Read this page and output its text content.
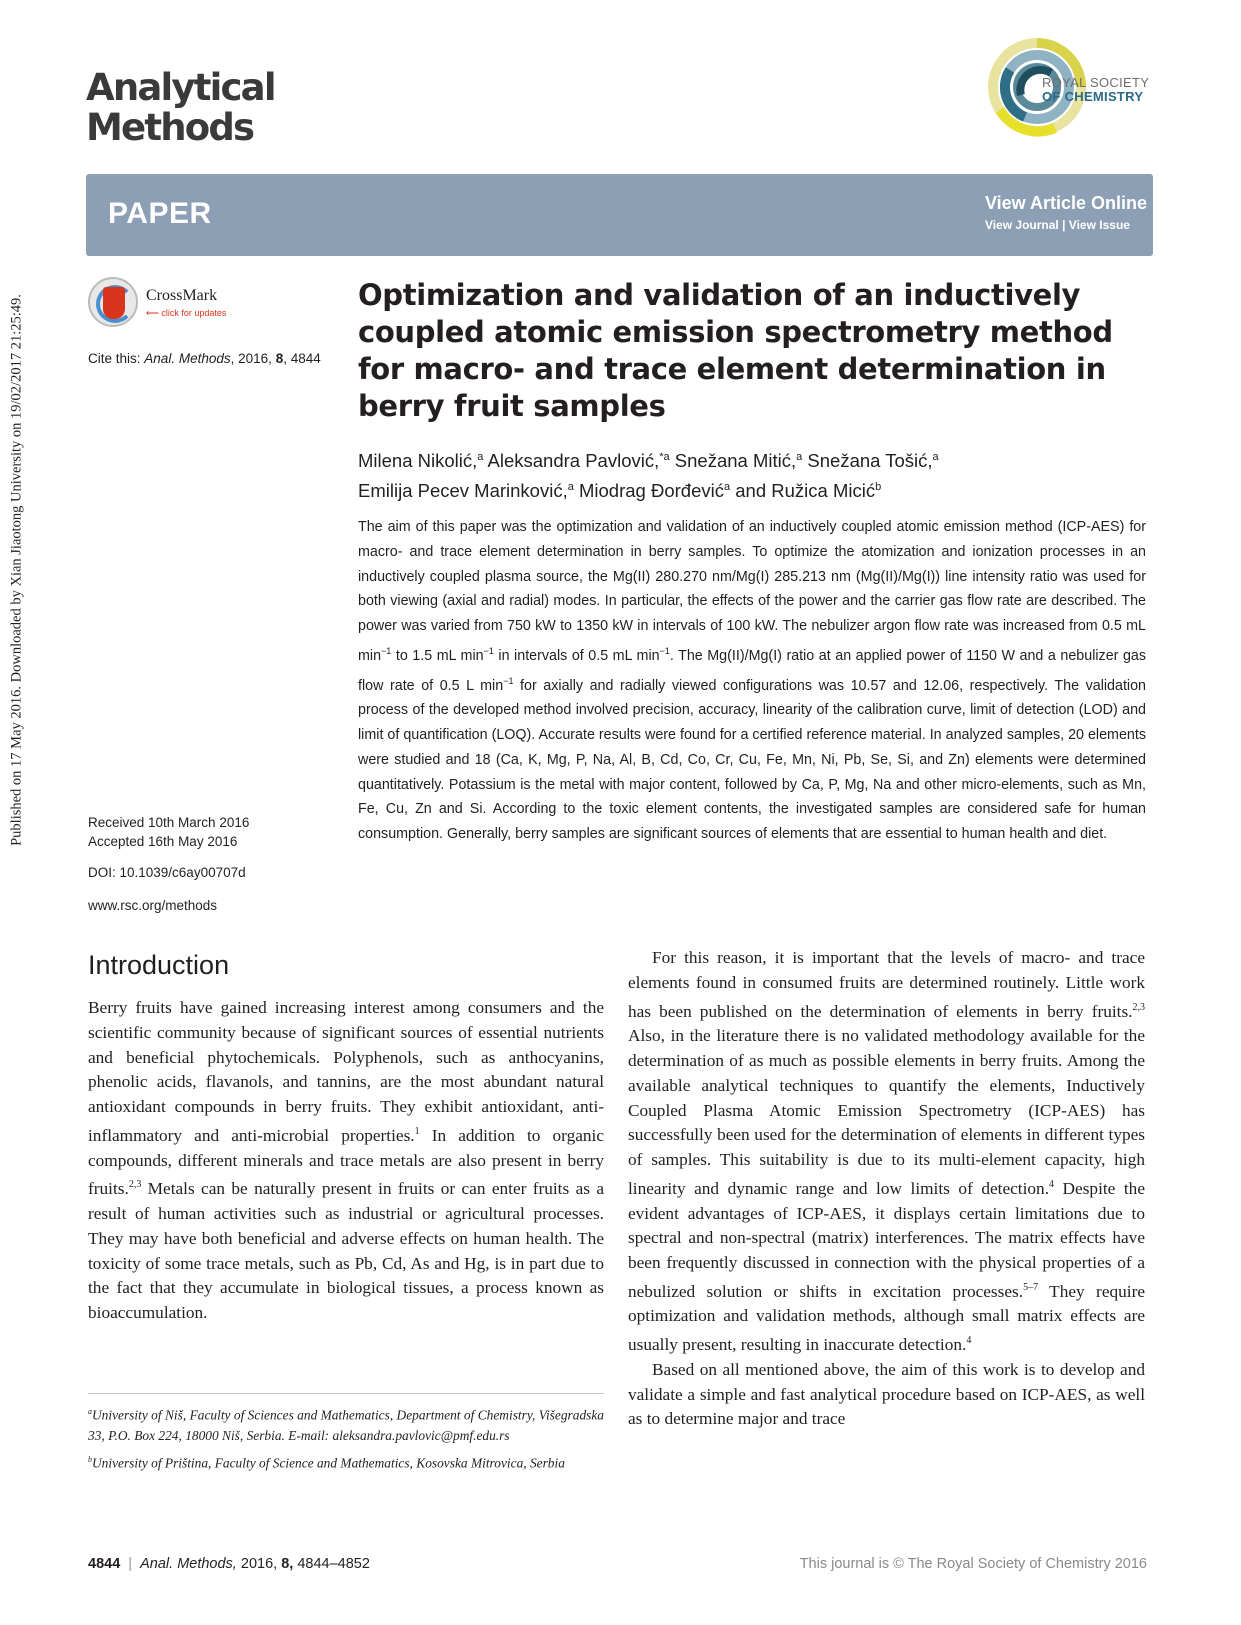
Published on 17 May 2016. Downloaded by Xian Jiaotong University on 19/02/2017 21:25:49.
Analytical
Methods
ROYAL SOCIETY
OF CHEMISTRY
PAPER	View Article Online
View Journal | View Issue
CrossMark
⟵ click for updates
Cite this: Anal. Methods, 2016, 8, 4844
Optimization and validation of an inductively coupled atomic emission spectrometry method for macro- and trace element determination in berry fruit samples
Milena Nikolić,$^a$ Aleksandra Pavlović,$^{*a}$ Snežana Mitić,$^a$ Snežana Tošić,$^a$
Emilija Pecev Marinković,$^a$ Miodrag Đorđević$^a$ and Ružica Micić$^b$
The aim of this paper was the optimization and validation of an inductively coupled atomic emission method (ICP-AES) for macro- and trace element determination in berry samples. To optimize the atomization and ionization processes in an inductively coupled plasma source, the Mg(II) 280.270 nm/Mg(I) 285.213 nm (Mg(II)/Mg(I)) line intensity ratio was used for both viewing (axial and radial) modes. In particular, the effects of the power and the carrier gas flow rate are described. The power was varied from 750 kW to 1350 kW in intervals of 100 kW. The nebulizer argon flow rate was increased from 0.5 mL $\min^{-1}$ to 1.5 mL $\min^{-1}$ in intervals of 0.5 mL $\min^{-1}$. The Mg(II)/Mg(I) ratio at an applied power of 1150 W and a nebulizer gas flow rate of 0.5 L $\min^{-1}$ for axially and radially viewed configurations was 10.57 and 12.06, respectively. The validation process of the developed method involved precision, accuracy, linearity of the calibration curve, limit of detection (LOD) and limit of quantification (LOQ). Accurate results were found for a certified reference material. In analyzed samples, 20 elements were studied and 18 (Ca, K, Mg, P, Na, Al, B, Cd, Co, Cr, Cu, Fe, Mn, Ni, Pb, Se, Si, and Zn) elements were determined quantitatively. Potassium is the metal with major content, followed by Ca, P, Mg, Na and other micro-elements, such as Mn, Fe, Cu, Zn and Si. According to the toxic element contents, the investigated samples are considered safe for human consumption. Generally, berry samples are significant sources of elements that are essential to human health and diet.
Received 10th March 2016
Accepted 16th May 2016
DOI: 10.1039/c6ay00707d
www.rsc.org/methods
Introduction

Berry fruits have gained increasing interest among consumers and the scientific community because of significant sources of essential nutrients and beneficial phytochemicals. Polyphenols, such as anthocyanins, phenolic acids, flavanols, and tannins, are the most abundant natural antioxidant compounds in berry fruits. They exhibit antioxidant, anti-inflammatory and anti-microbial properties.$^1$ In addition to organic compounds, different minerals and trace metals are also present in berry fruits.$^{2,3}$ Metals can be naturally present in fruits or can enter fruits as a result of human activities such as industrial or agricultural processes. They may have both beneficial and adverse effects on human health. The toxicity of some trace metals, such as Pb, Cd, As and Hg, is in part due to the fact that they accumulate in biological tissues, a process known as bioaccumulation.

For this reason, it is important that the levels of macro- and trace elements found in consumed fruits are determined routinely. Little work has been published on the determination of elements in berry fruits.$^{2,3}$ Also, in the literature there is no validated methodology available for the determination of as much as possible elements in berry fruits. Among the available analytical techniques to quantify the elements, Inductively Coupled Plasma Atomic Emission Spectrometry (ICP-AES) has successfully been used for the determination of elements in different types of samples. This suitability is due to its multi-element capacity, high linearity and dynamic range and low limits of detection.$^4$ Despite the evident advantages of ICP-AES, it displays certain limitations due to spectral and non-spectral (matrix) interferences. The matrix effects have been frequently discussed in connection with the physical properties of a nebulized solution or shifts in excitation processes.$^{5-7}$ They require optimization and validation methods, although small matrix effects are usually present, resulting in inaccurate detection.$^4$

Based on all mentioned above, the aim of this work is to develop and validate a simple and fast analytical procedure based on ICP-AES, as well as to determine major and trace

$^a$University of Niš, Faculty of Sciences and Mathematics, Department of Chemistry, Višegradska 33, P.O. Box 224, 18000 Niš, Serbia. E-mail: aleksandra.pavlovic@pmf.edu.rs

$^b$University of Priština, Faculty of Science and Mathematics, Kosovska Mitrovica, Serbia

4844 | Anal. Methods, 2016, 8, 4844–4852	This journal is © The Royal Society of Chemistry 2016
